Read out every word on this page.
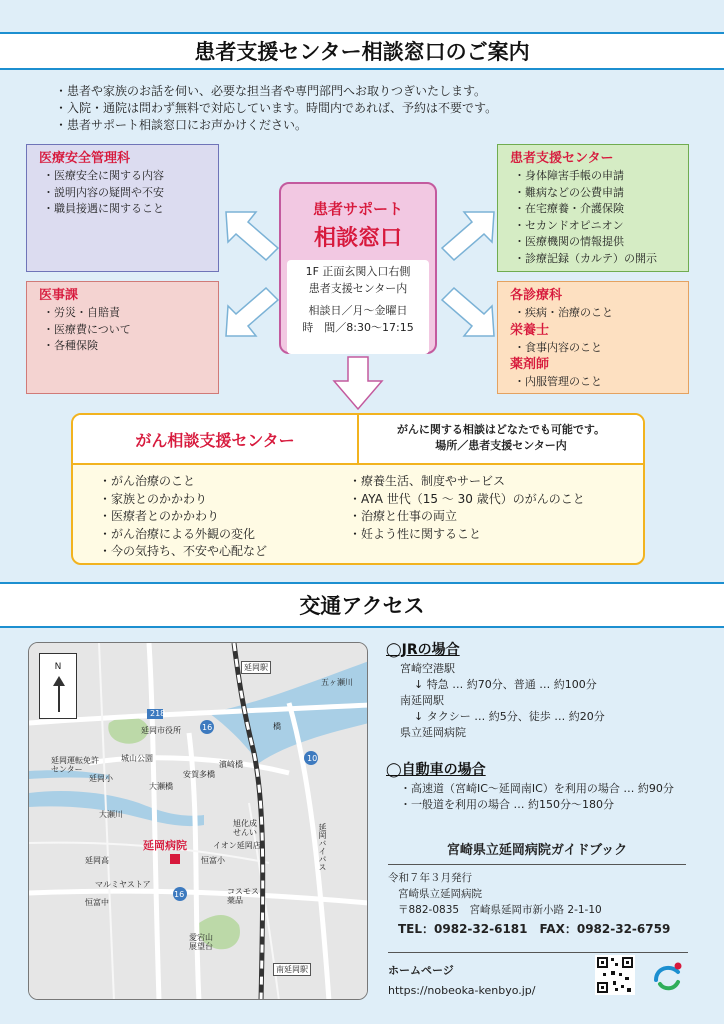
患者支援センター相談窓口のご案内
・患者や家族のお話を伺い、必要な担当者や専門部門へお取りつぎいたします。
・入院・通院は問わず無料で対応しています。時間内であれば、予約は不要です。
・患者サポート相談窓口にお声かけください。
医療安全管理科
・ 医療安全に関する内容
・ 説明内容の疑問や不安
・ 職員接遇に関すること
医事課
・ 労災・自賠責
・ 医療費について
・ 各種保険
患者支援センター
・ 身体障害手帳の申請
・ 難病などの公費申請
・ 在宅療養・介護保険
・ セカンドオピニオン
・ 医療機関の情報提供
・ 診療記録（カルテ）の開示
各診療科
・ 疾病・治療のこと
栄養士
・ 食事内容のこと
薬剤師
・ 内服管理のこと
患者サポート
相談窓口
1F 正面玄関入口右側
患者支援センター内
相談日／月～金曜日
時　間／8:30～17:15
がん相談支援センター
がんに関する相談はどなたでも可能です。
場所／患者支援センター内
・ がん治療のこと
・ 家族とのかかわり
・ 医療者とのかかわり
・ がん治療による外観の変化
・ 今の気持ち、不安や心配など
・ 療養生活、制度やサービス
・ AYA 世代（15 ～ 30 歳代）のがんのこと
・ 治療と仕事の両立
・ 妊よう性に関すること
交通アクセス
N	延岡駅
五ヶ瀬川
218
延岡市役所	16
延岡運転免許
センター
城山公園
延岡小
橋
10
濱崎橋
安賀多橋
大瀬橋
大瀬川
旭化成
せんい
イオン延岡店
恒富小	延岡バイパス
延岡高
マルミヤストア
恒富中
16	コスモス
薬品
愛宕山
展望台
南延岡駅
延岡病院
◯JRの場合
宮崎空港駅
↓ 特急 … 約70分、普通 … 約100分
南延岡駅
↓ タクシー … 約5分、徒歩 … 約20分
県立延岡病院
◯自動車の場合
・高速道（宮崎IC～延岡南IC）を利用の場合 … 約90分
・一般道を利用の場合 … 約150分～180分
宮崎県立延岡病院ガイドブック
令和７年３月発行
宮崎県立延岡病院
〒882-0835　宮崎県延岡市新小路 2-1-10
TEL：0982-32-6181　FAX：0982-32-6759
ホームページ
https://nobeoka-kenbyo.jp/
